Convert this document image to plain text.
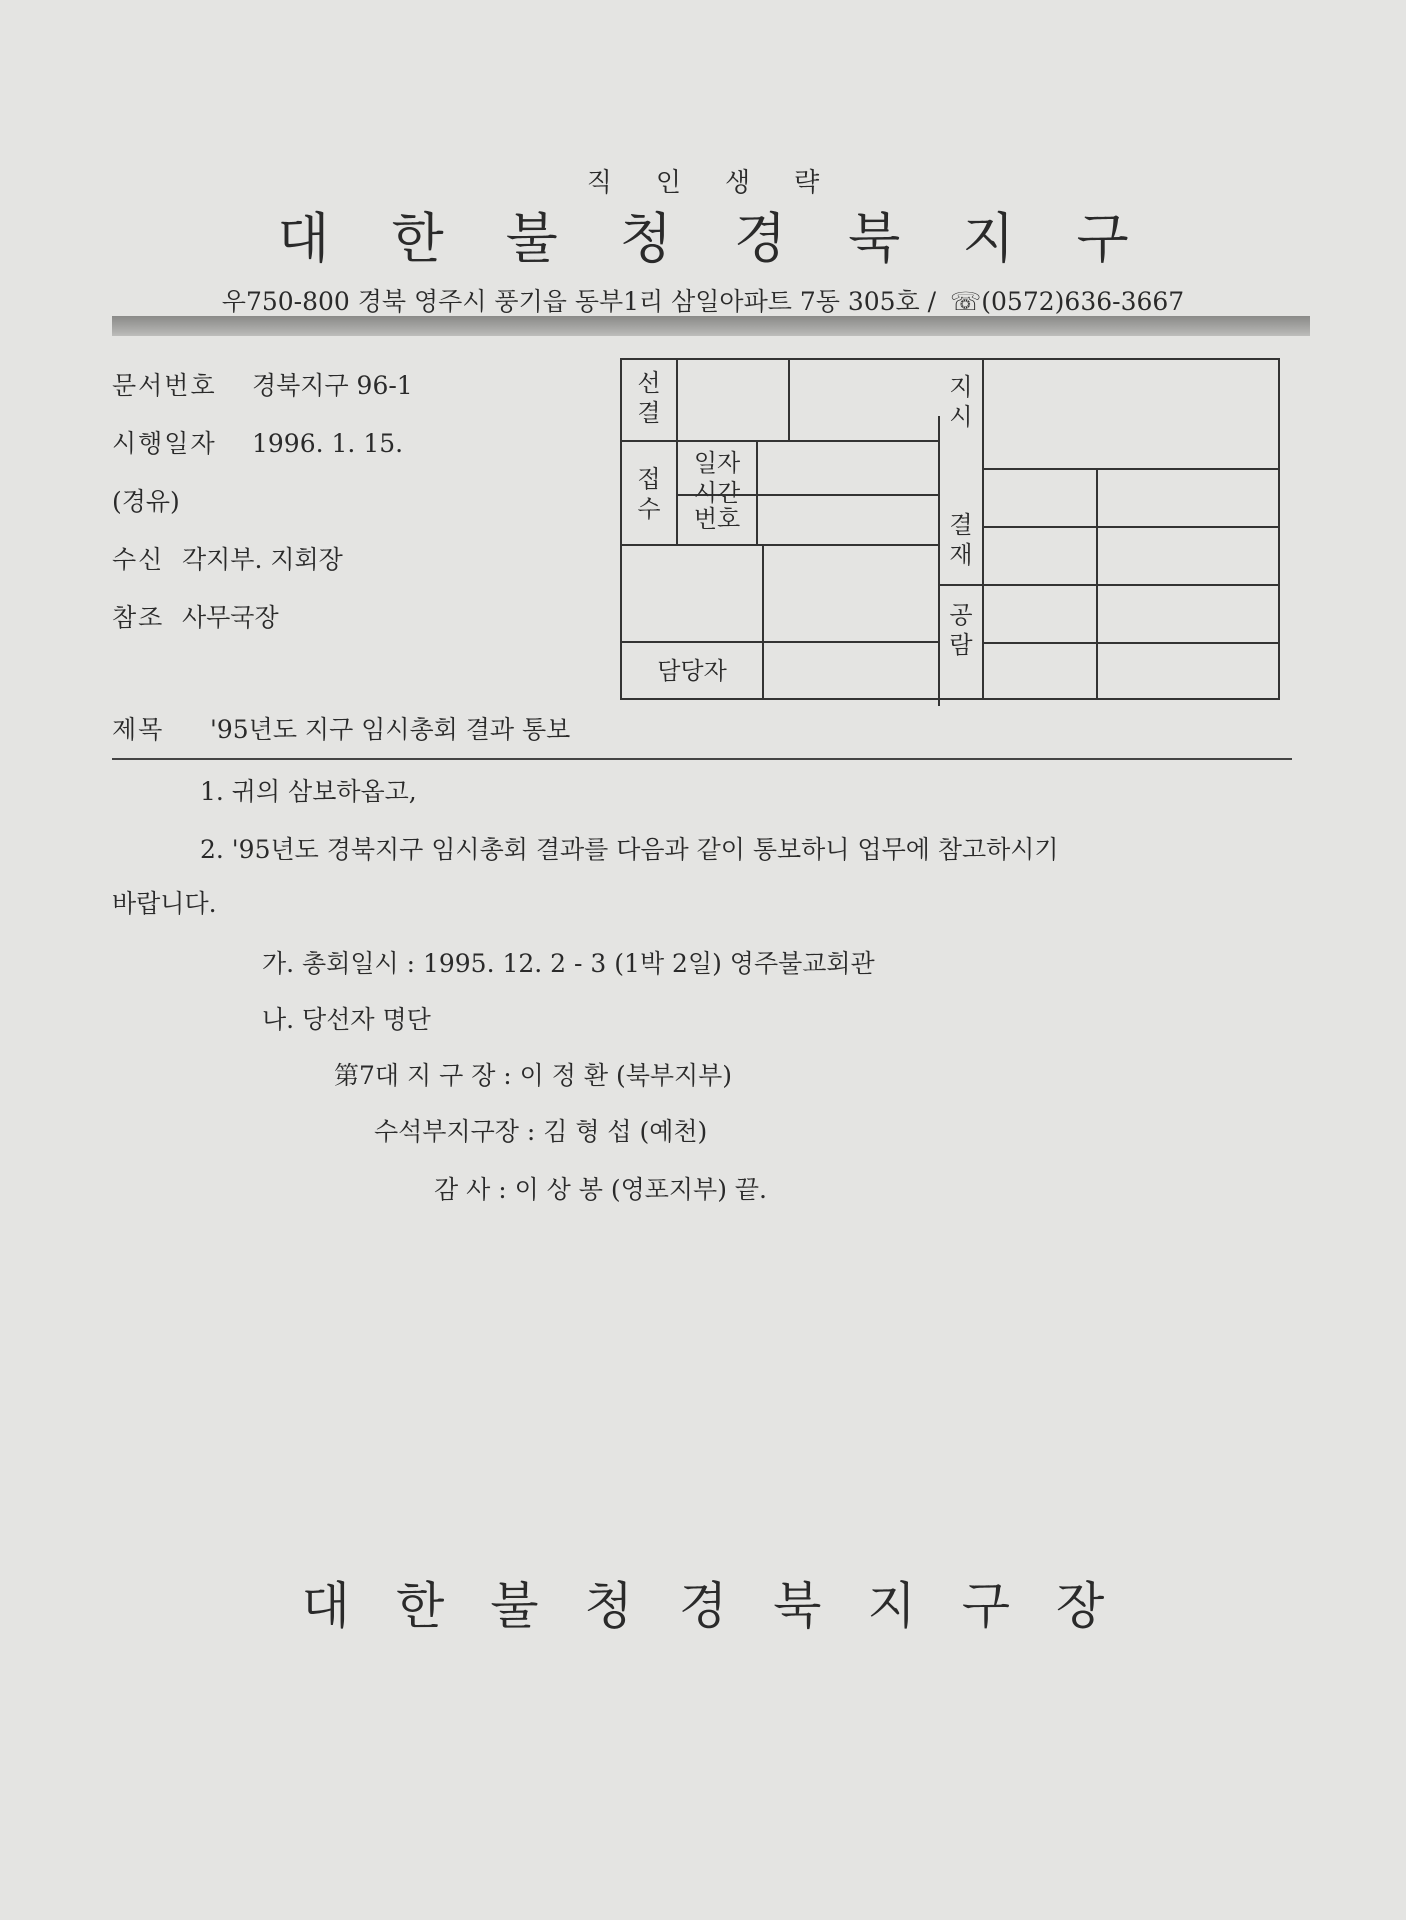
직인생략
대한불청경북지구
우750-800 경북 영주시 풍기읍 동부1리 삼일아파트 7동 305호 / ☏(0572)636-3667
문서번호 경북지구 96-1
시행일자 1996. 1. 15.
(경유)
수신 각지부. 지회장
참조 사무국장
선
결
접
수
일자
시간
번호
담당자
지
시
결
재
공
람
제목 '95년도 지구 임시총회 결과 통보
1. 귀의 삼보하옵고,
2. '95년도 경북지구 임시총회 결과를 다음과 같이 통보하니 업무에 참고하시기
바랍니다.
가. 총회일시 : 1995. 12. 2 - 3 (1박 2일) 영주불교회관
나. 당선자 명단
第7대 지 구 장 : 이 정 환 (북부지부)
수석부지구장 : 김 형 섭 (예천)
감 사 : 이 상 봉 (영포지부) 끝.
대한불청경북지구장
